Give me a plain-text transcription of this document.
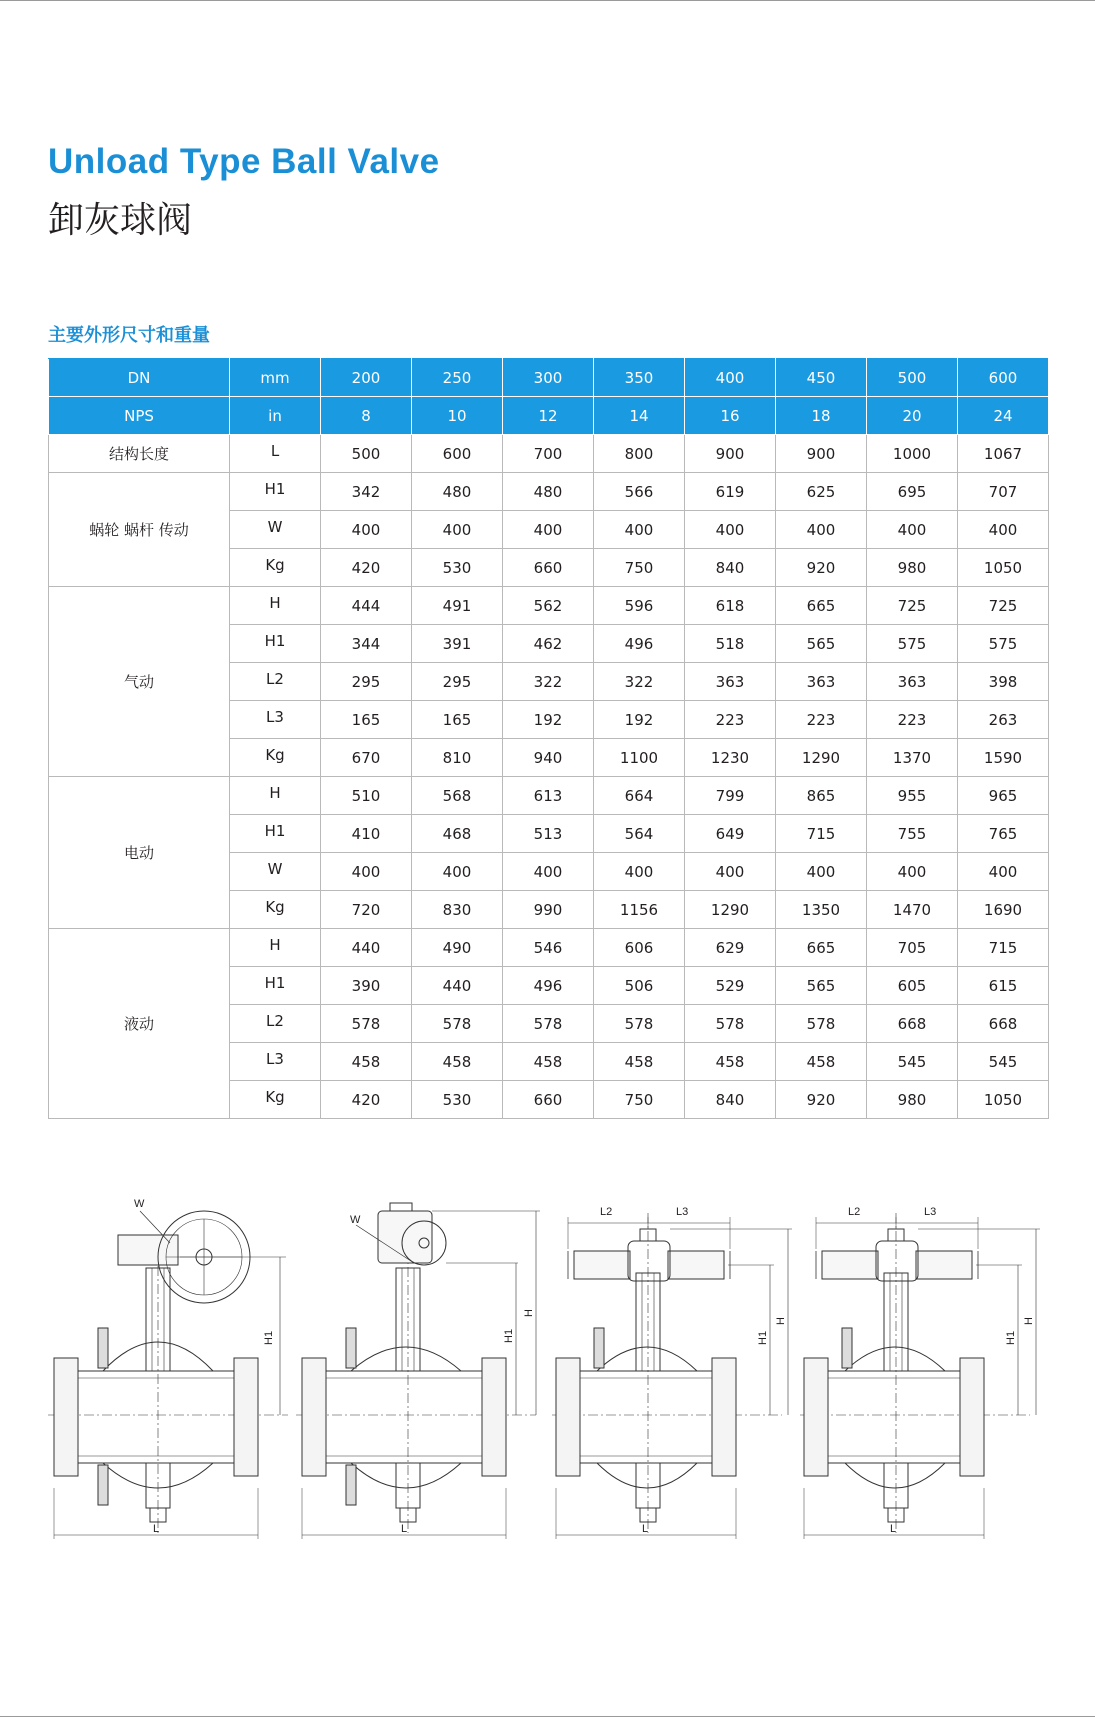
Unload Type Ball Valve
卸灰球阀
主要外形尺寸和重量
DN	mm	200	250	300	350	400	450	500	600
NPS	in	8	10	12	14	16	18	20	24
结构长度	L	500	600	700	800	900	900	1000	1067
蜗轮 蜗杆 传动	H1	342	480	480	566	619	625	695	707
	W	400	400	400	400	400	400	400	400
	Kg	420	530	660	750	840	920	980	1050
气动	H	444	491	562	596	618	665	725	725
	H1	344	391	462	496	518	565	575	575
	L2	295	295	322	322	363	363	363	398
	L3	165	165	192	192	223	223	223	263
	Kg	670	810	940	1100	1230	1290	1370	1590
电动	H	510	568	613	664	799	865	955	965
	H1	410	468	513	564	649	715	755	765
	W	400	400	400	400	400	400	400	400
	Kg	720	830	990	1156	1290	1350	1470	1690
液动	H	440	490	546	606	629	665	705	715
	H1	390	440	496	506	529	565	605	615
	L2	578	578	578	578	578	578	668	668
	L3	458	458	458	458	458	458	545	545
	Kg	420	530	660	750	840	920	980	1050
W
H1
L
W
H
H1
L
L2	L3
H
H1
L
L2	L3
H
H1
L
